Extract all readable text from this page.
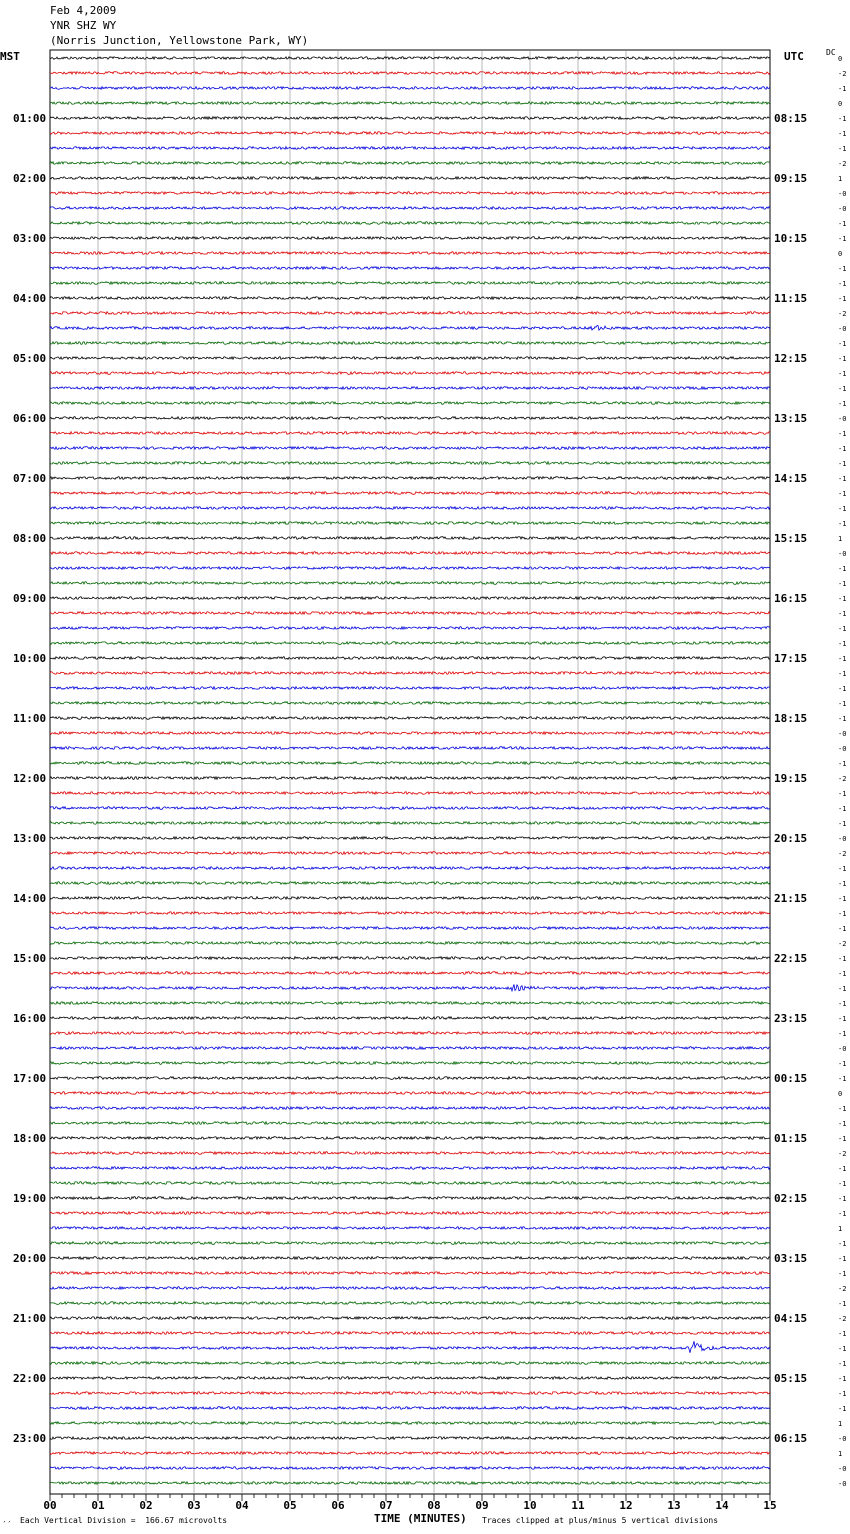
Feb 4,2009
YNR SHZ WY
(Norris Junction, Yellowstone Park, WY)
MST	UTC	DC
0
-2
-1
0
-1
-1
-1
-2
1
-0
-0
-1
-1
0
-1
-1
-1
-2
-0
-1
-1
-1
-1
-1
-0
-1
-1
-1
-1
-1
-1
-1
1
-0
-1
-1
-1
-1
-1
-1
-1
-1
-1
-1
-1
-0
-0
-1
-2
-1
-1
-1
-0
-2
-1
-1
-1
-1
-1
-2
-1
-1
-1
-1
-1
-1
-0
-1
-1
0
-1
-1
-1
-2
-1
-1
-1
-1
1
-1
-1
-1
-2
-1
-2
-1
-1
-1
-1
-1
-1
1
-0
1
-0
-0
01:00
02:00
03:00
04:00
05:00
06:00
07:00
08:00
09:00
10:00
11:00
12:00
13:00
14:00
15:00
16:00
17:00
18:00
19:00
20:00
21:00
22:00
23:00
08:15
09:15
10:15
11:15
12:15
13:15
14:15
15:15
16:15
17:15
18:15
19:15
20:15
21:15
22:15
23:15
00:15
01:15
02:15
03:15
04:15
05:15
06:15
00	01	02	03	04	05	06	07	08	09	10	11	12	13	14	15
′′ Each Vertical Division =  166.67 microvolts	TIME (MINUTES) Traces clipped at plus/minus 5 vertical divisions
